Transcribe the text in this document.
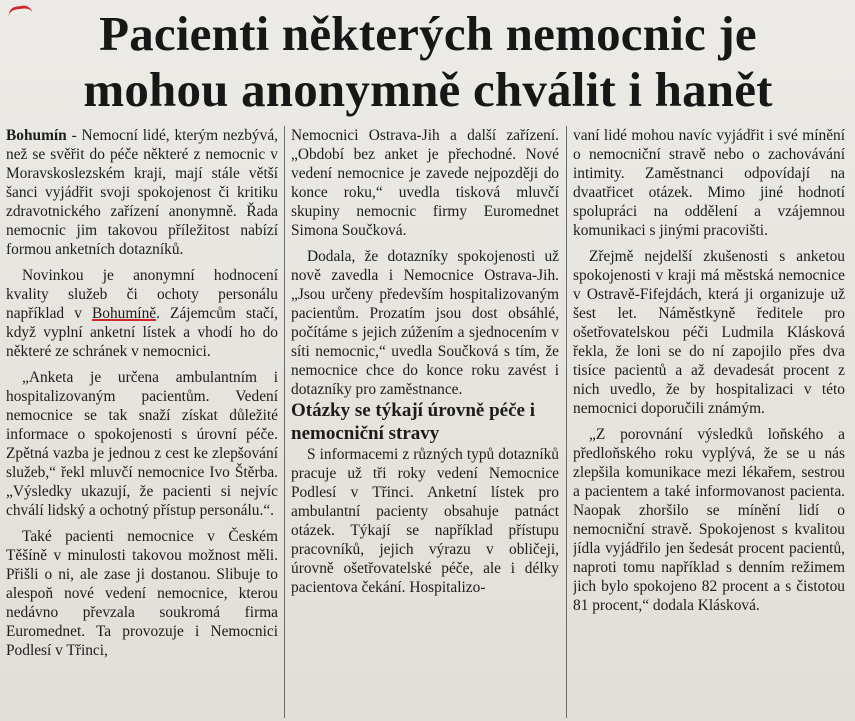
Pacienti některých nemocnic je
mohou anonymně chválit i hanět

Bohumín - Nemocní lidé, kterým nezbývá, než se svěřit do péče některé z nemocnic v Moravskoslezském kraji, mají stále větší šanci vyjádřit svoji spokojenost či kritiku zdravotnického zařízení anonymně. Řada nemocnic jim takovou příležitost nabízí formou anketních dotazníků.

Novinkou je anonymní hodnocení kvality služeb či ochoty personálu například v Bohumíně. Zájemcům stačí, když vyplní anketní lístek a vhodí ho do některé ze schránek v nemocnici.

„Anketa je určena ambulantním i hospitalizovaným pacientům. Vedení nemocnice se tak snaží získat důležité informace o spokojenosti s úrovní péče. Zpětná vazba je jednou z cest ke zlepšování služeb,“ řekl mluvčí nemocnice Ivo Štěrba. „Výsledky ukazují, že pacienti si nejvíc chválí lidský a ochotný přístup personálu.“.

Také pacienti nemocnice v Českém Těšíně v minulosti takovou možnost měli. Přišli o ni, ale zase ji dostanou. Slibuje to alespoň nové vedení nemocnice, kterou nedávno převzala soukromá firma Euromednet. Ta provozuje i Nemocnici Podlesí v Třinci,

Nemocnici Ostrava-Jih a další zařízení. „Období bez anket je přechodné. Nové vedení nemocnice je zavede nejpozději do konce roku,“ uvedla tisková mluvčí skupiny nemocnic firmy Euromednet Simona Součková.

Dodala, že dotazníky spokojenosti už nově zavedla i Nemocnice Ostrava-Jih. „Jsou určeny především hospitalizovaným pacientům. Prozatím jsou dost obsáhlé, počítáme s jejich zúžením a sjednocením v síti nemocnic,“ uvedla Součková s tím, že nemocnice chce do konce roku zavést i dotazníky pro zaměstnance.

Otázky se týkají úrovně péče i nemocniční stravy

S informacemi z různých typů dotazníků pracuje už tři roky vedení Nemocnice Podlesí v Třinci. Anketní lístek pro ambulantní pacienty obsahuje patnáct otázek. Týkají se například přístupu pracovníků, jejich výrazu v obličeji, úrovně ošetřovatelské péče, ale i délky pacientova čekání. Hospitalizo-

vaní lidé mohou navíc vyjádřit i své mínění o nemocniční stravě nebo o zachovávání intimity. Zaměstnanci odpovídají na dvaatřicet otázek. Mimo jiné hodnotí spolupráci na oddělení a vzájemnou komunikaci s jinými pracovišti.

Zřejmě nejdelší zkušenosti s anketou spokojenosti v kraji má městská nemocnice v Ostravě-Fifejdách, která ji organizuje už šest let. Náměstkyně ředitele pro ošetřovatelskou péči Ludmila Klásková řekla, že loni se do ní zapojilo přes dva tisíce pacientů a až devadesát procent z nich uvedlo, že by hospitalizaci v této nemocnici doporučili známým.

„Z porovnání výsledků loňského a předloňského roku vyplývá, že se u nás zlepšila komunikace mezi lékařem, sestrou a pacientem a také informovanost pacienta. Naopak zhoršilo se mínění lidí o nemocniční stravě. Spokojenost s kvalitou jídla vyjádřilo jen šedesát procent pacientů, naproti tomu například s denním režimem jich bylo spokojeno 82 procent a s čistotou 81 procent,“ dodala Klásková.
